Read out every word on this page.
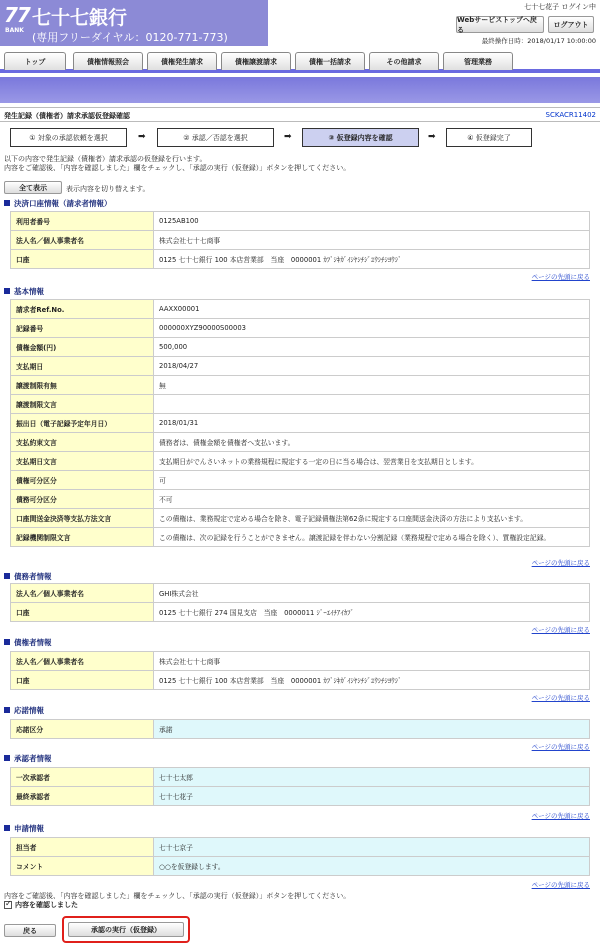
77
BANK
七十七銀行
(専用フリーダイヤル：0120-771-773)
七十七花子 ログイン中
Webサービストップへ戻る
ログアウト
最終操作日時：2018/01/17 10:00:00
トップ	債権情報照会	債権発生請求	債権譲渡請求	債権一括請求	その他請求	管理業務
発生記録（債権者）請求承認仮登録確認	SCKACR11402
① 対象の承認依頼を選択	➡	② 承認／否認を選択	➡	③ 仮登録内容を確認	➡	④ 仮登録完了
以下の内容で発生記録（債権者）請求承認の仮登録を行います。
内容をご確認後、「内容を確認しました」欄をチェックし、「承認の実行（仮登録）」ボタンを押してください。
全て表示	表示内容を切り替えます。
決済口座情報（請求者情報）
利用者番号	0125AB100
法人名／個人事業者名	株式会社七十七商事
口座	0125 七十七銀行 100 本店営業部　当座　0000001 ｶﾌﾞｼｷｶﾞｲｼﾔｼﾁｼﾞﾕｳｼﾁｼﾖｳｼﾞ
ページの先頭に戻る
基本情報
請求者Ref.No.	AAXX00001
記録番号	000000XYZ90000S00003
債権金額(円)	500,000
支払期日	2018/04/27
譲渡制限有無	無
譲渡制限文言	
振出日（電子記録予定年月日）	2018/01/31
支払約束文言	債務者は、債権金額を債権者へ支払います。
支払期日文言	支払期日がでんさいネットの業務規程に規定する一定の日に当る場合は、翌営業日を支払期日とします。
債権可分区分	可
債務可分区分	不可
口座間送金決済等支払方法文言	この債権は、業務規定で定める場合を除き、電子記録債権法第62条に規定する口座間送金決済の方法により支払います。
記録機関制限文言	この債権は、次の記録を行うことができません。譲渡記録を伴わない分割記録（業務規程で定める場合を除く）、質権設定記録。
ページの先頭に戻る
債務者情報
法人名／個人事業者名	GHI株式会社
口座	0125 七十七銀行 274 国見支店　当座　0000011 ｼﾞｰｴｲﾁｱｲｶﾌﾞ
ページの先頭に戻る
債権者情報
法人名／個人事業者名	株式会社七十七商事
口座	0125 七十七銀行 100 本店営業部　当座　0000001 ｶﾌﾞｼｷｶﾞｲｼﾔｼﾁｼﾞﾕｳｼﾁｼﾖｳｼﾞ
ページの先頭に戻る
応諾情報
応諾区分	承諾
ページの先頭に戻る
承認者情報
一次承認者	七十七太郎
最終承認者	七十七花子
ページの先頭に戻る
申請情報
担当者	七十七京子
コメント	○○を仮登録します。
ページの先頭に戻る
内容をご確認後、「内容を確認しました」欄をチェックし、「承認の実行（仮登録）」ボタンを押してください。
✓
内容を確認しました
戻る	承認の実行（仮登録）
